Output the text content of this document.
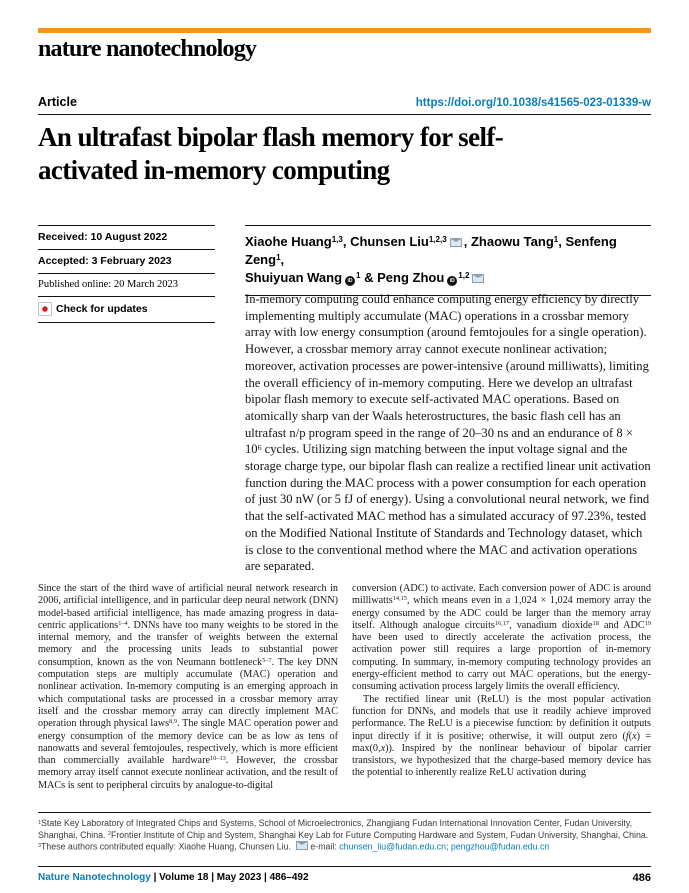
nature nanotechnology
Article	https://doi.org/10.1038/s41565-023-01339-w
An ultrafast bipolar flash memory for self-activated in-memory computing
Received: 10 August 2022
Accepted: 3 February 2023
Published online: 20 March 2023
Check for updates
Xiaohe Huang$^{1,3}$, Chunsen Liu$^{1,2,3}$ , Zhaowu Tang$^1$, Senfeng Zeng$^1$,
Shuiyuan WangiD $^1$ & Peng ZhouiD $^{1,2}$
In-memory computing could enhance computing energy efficiency by directly implementing multiply accumulate (MAC) operations in a crossbar memory array with low energy consumption (around femtojoules for a single operation). However, a crossbar memory array cannot execute nonlinear activation; moreover, activation processes are power-intensive (around milliwatts), limiting the overall efficiency of in-memory computing. Here we develop an ultrafast bipolar flash memory to execute self-activated MAC operations. Based on atomically sharp van der Waals heterostructures, the basic flash cell has an ultrafast n/p program speed in the range of 20–30 ns and an endurance of $8 \times 10^6$ cycles. Utilizing sign matching between the input voltage signal and the storage charge type, our bipolar flash can realize a rectified linear unit activation function during the MAC process with a power consumption for each operation of just 30 nW (or 5 fJ of energy). Using a convolutional neural network, we find that the self-activated MAC method has a simulated accuracy of 97.23%, tested on the Modified National Institute of Standards and Technology dataset, which is close to the conventional method where the MAC and activation operations are separated.

Since the start of the third wave of artificial neural network research in 2006, artificial intelligence, and in particular deep neural network (DNN) model-based artificial intelligence, has made amazing progress in data-centric applications$^{1-4}$. DNNs have too many weights to be stored in the internal memory, and the transfer of weights between the external memory and the processing units leads to substantial power consumption, known as the von Neumann bottleneck$^{5-7}$. The key DNN computation steps are multiply accumulate (MAC) operation and nonlinear activation. In-memory computing is an emerging approach in which computational tasks are processed in a crossbar memory array itself and the crossbar memory array can directly implement MAC operation through physical laws$^{8,9}$. The single MAC operation power and energy consumption of the memory device can be as low as tens of nanowatts and several femtojoules, respectively, which is more efficient than commercially available hardware$^{10-13}$. However, the crossbar memory array itself cannot execute nonlinear activation, and the result of MACs is sent to peripheral circuits by analogue-to-digital

conversion (ADC) to activate. Each conversion power of ADC is around milliwatts$^{14,15}$, which means even in a 1,024 × 1,024 memory array the energy consumed by the ADC could be larger than the memory array itself. Although analogue circuits$^{16,17}$, vanadium dioxide$^{18}$ and ADC$^{19}$ have been used to directly accelerate the activation process, the activation power still requires a large proportion of in-memory computing. In summary, in-memory computing technology provides an energy-efficient method to carry out MAC operations, but the energy-consuming activation process largely limits the overall efficiency.

The rectified linear unit (ReLU) is the most popular activation function for DNNs, and models that use it readily achieve improved performance. The ReLU is a piecewise function: by definition it outputs input directly if it is positive; otherwise, it will output zero (f(x) = max(0,x)). Inspired by the nonlinear behaviour of bipolar carrier transistors, we hypothesized that the charge-based memory device has the potential to inherently realize ReLU activation during

$^1$State Key Laboratory of Integrated Chips and Systems, School of Microelectronics, Zhangjiang Fudan International Innovation Center, Fudan University, Shanghai, China. $^2$Frontier Institute of Chip and System, Shanghai Key Lab for Future Computing Hardware and System, Fudan University, Shanghai, China. $^3$These authors contributed equally: Xiaohe Huang, Chunsen Liu. e-mail: chunsen_liu@fudan.edu.cn; pengzhou@fudan.edu.cn
Nature Nanotechnology | Volume 18 | May 2023 | 486–492	486
